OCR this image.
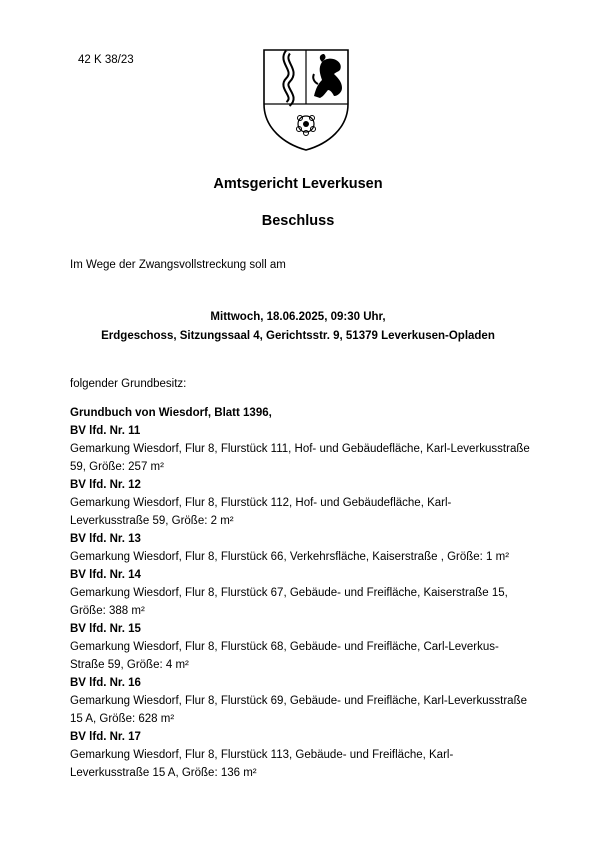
42 K 38/23
Amtsgericht Leverkusen
Beschluss
Im Wege der Zwangsvollstreckung soll am
Mittwoch, 18.06.2025, 09:30 Uhr,
Erdgeschoss, Sitzungssaal 4, Gerichtsstr. 9, 51379 Leverkusen-Opladen
folgender Grundbesitz:
Grundbuch von Wiesdorf, Blatt 1396,
BV lfd. Nr. 11
Gemarkung Wiesdorf, Flur 8, Flurstück 111, Hof- und Gebäudefläche, Karl-Leverkusstraße 59, Größe: 257 m²
BV lfd. Nr. 12
Gemarkung Wiesdorf, Flur 8, Flurstück 112, Hof- und Gebäudefläche, Karl-Leverkusstraße 59, Größe: 2 m²
BV lfd. Nr. 13
Gemarkung Wiesdorf, Flur 8, Flurstück 66, Verkehrsfläche, Kaiserstraße , Größe: 1 m²
BV lfd. Nr. 14
Gemarkung Wiesdorf, Flur 8, Flurstück 67, Gebäude- und Freifläche, Kaiserstraße 15, Größe: 388 m²
BV lfd. Nr. 15
Gemarkung Wiesdorf, Flur 8, Flurstück 68, Gebäude- und Freifläche, Carl-Leverkus-Straße 59, Größe: 4 m²
BV lfd. Nr. 16
Gemarkung Wiesdorf, Flur 8, Flurstück 69, Gebäude- und Freifläche, Karl-Leverkusstraße 15 A, Größe: 628 m²
BV lfd. Nr. 17
Gemarkung Wiesdorf, Flur 8, Flurstück 113, Gebäude- und Freifläche, Karl-Leverkusstraße 15 A, Größe: 136 m²
